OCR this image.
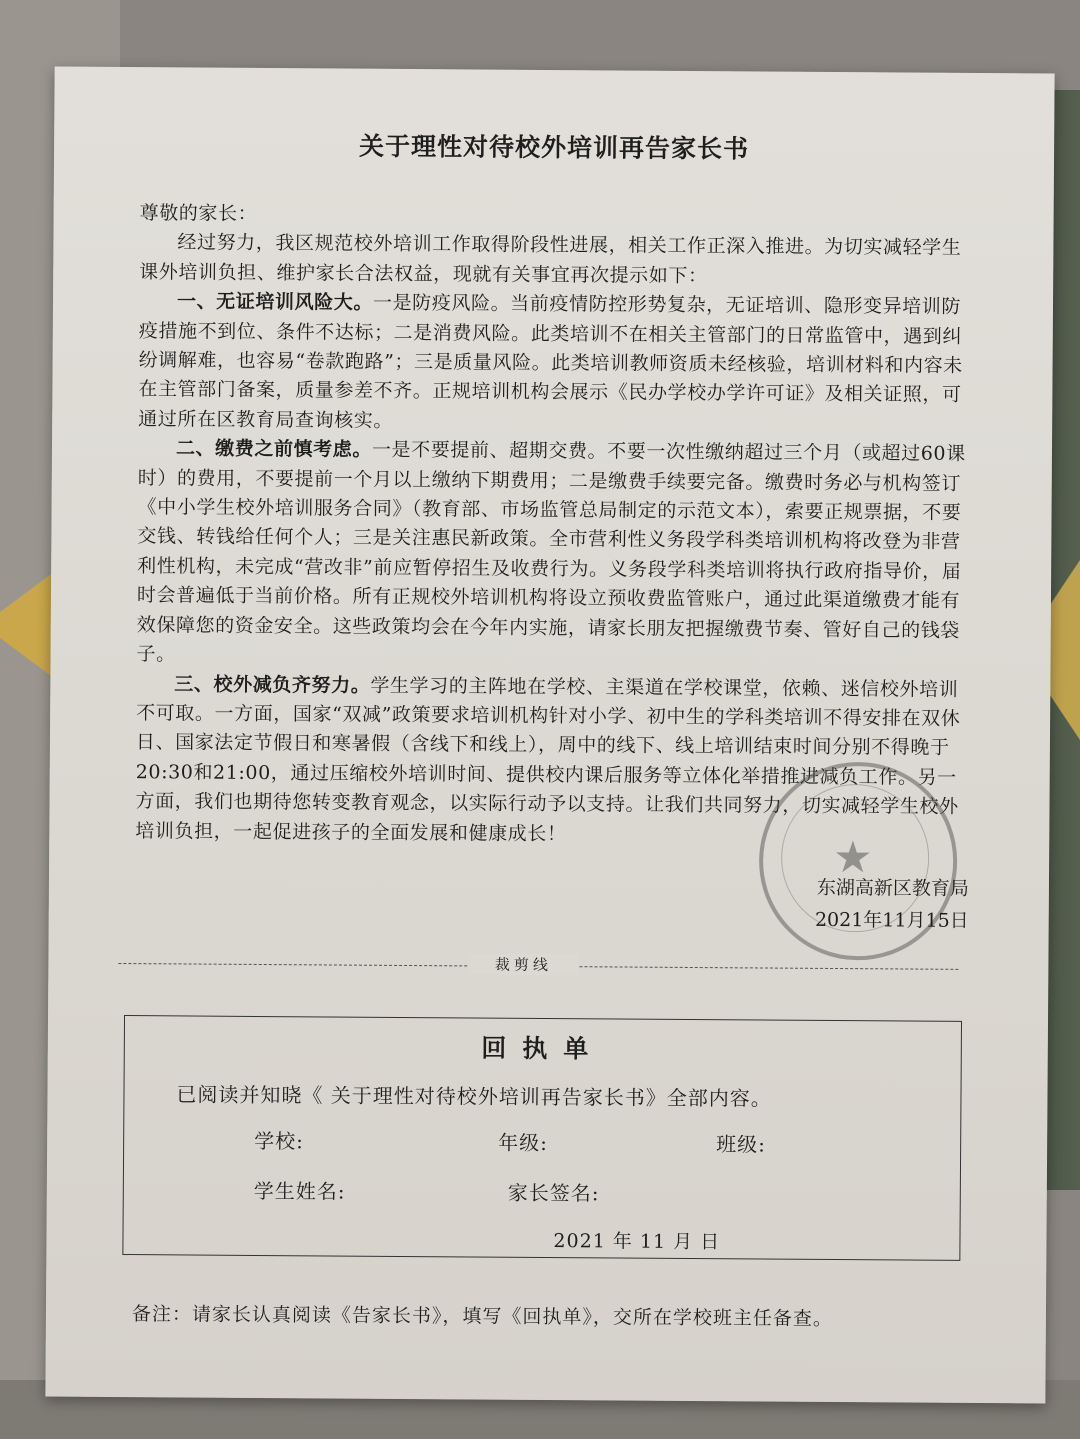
关于理性对待校外培训再告家长书

尊敬的家长：

经过努力，我区规范校外培训工作取得阶段性进展，相关工作正深入推进。为切实减轻学生课外培训负担、维护家长合法权益，现就有关事宜再次提示如下：

一、无证培训风险大。一是防疫风险。当前疫情防控形势复杂，无证培训、隐形变异培训防疫措施不到位、条件不达标；二是消费风险。此类培训不在相关主管部门的日常监管中，遇到纠纷调解难，也容易“卷款跑路”；三是质量风险。此类培训教师资质未经核验，培训材料和内容未在主管部门备案，质量参差不齐。正规培训机构会展示《民办学校办学许可证》及相关证照，可通过所在区教育局查询核实。

二、缴费之前慎考虑。一是不要提前、超期交费。不要一次性缴纳超过三个月（或超过60课时）的费用，不要提前一个月以上缴纳下期费用；二是缴费手续要完备。缴费时务必与机构签订《中小学生校外培训服务合同》（教育部、市场监管总局制定的示范文本），索要正规票据，不要交钱、转钱给任何个人；三是关注惠民新政策。全市营利性义务段学科类培训机构将改登为非营利性机构，未完成“营改非”前应暂停招生及收费行为。义务段学科类培训将执行政府指导价，届时会普遍低于当前价格。所有正规校外培训机构将设立预收费监管账户，通过此渠道缴费才能有效保障您的资金安全。这些政策均会在今年内实施，请家长朋友把握缴费节奏、管好自己的钱袋子。

三、校外减负齐努力。学生学习的主阵地在学校、主渠道在学校课堂，依赖、迷信校外培训不可取。一方面，国家“双减”政策要求培训机构针对小学、初中生的学科类培训不得安排在双休日、国家法定节假日和寒暑假（含线下和线上），周中的线下、线上培训结束时间分别不得晚于20:30和21:00，通过压缩校外培训时间、提供校内课后服务等立体化举措推进减负工作。另一方面，我们也期待您转变教育观念，以实际行动予以支持。让我们共同努力，切实减轻学生校外培训负担，一起促进孩子的全面发展和健康成长！	★
东湖高新区教育局
2021年11月15日
裁剪线
回执单
已阅读并知晓《 关于理性对待校外培训再告家长书》全部内容。
学校:	年级:	班级:
学生姓名:	家长签名:
2021 年 11 月 日
备注：请家长认真阅读《告家长书》，填写《回执单》，交所在学校班主任备查。
